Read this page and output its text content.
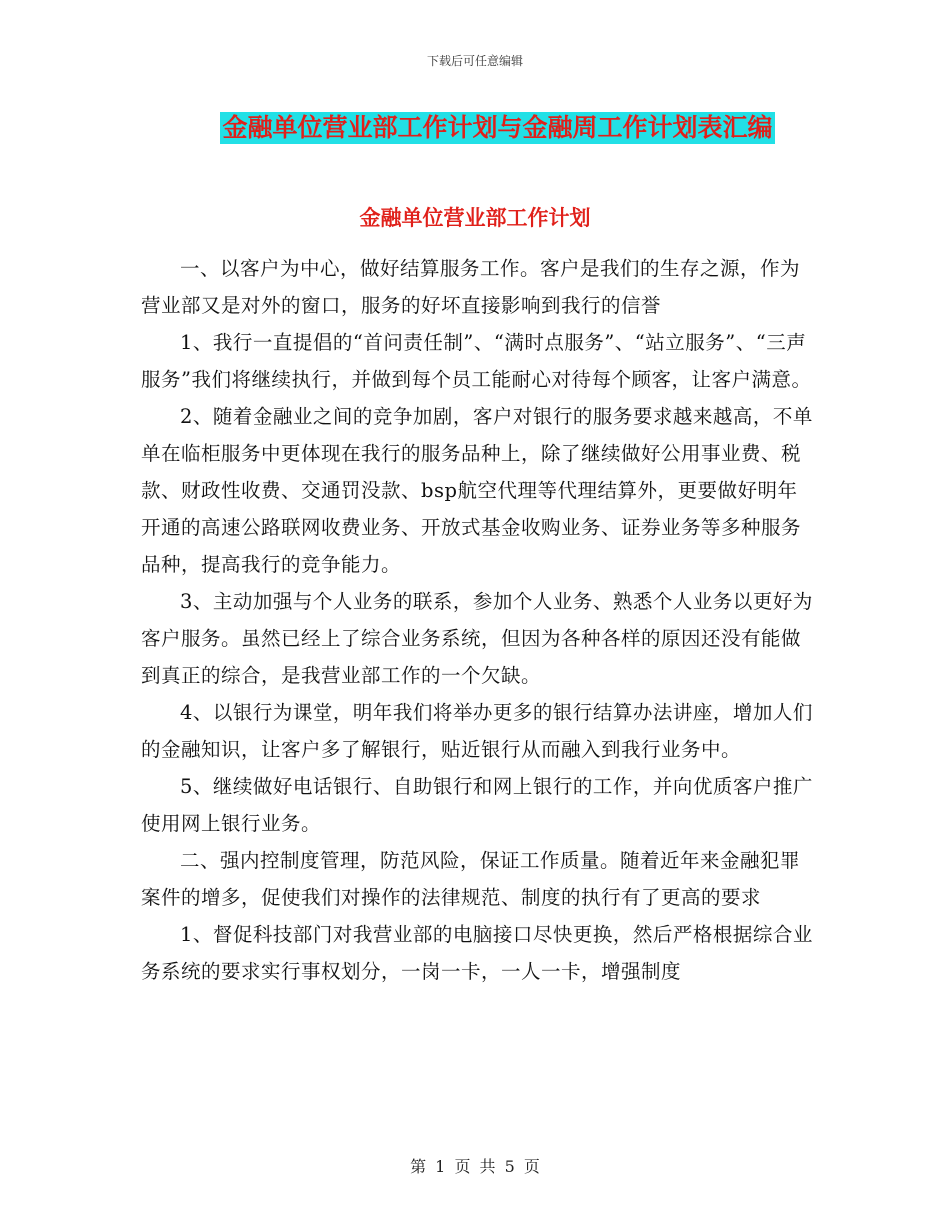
下载后可任意编辑
金融单位营业部工作计划与金融周工作计划表汇编
金融单位营业部工作计划

一、以客户为中心，做好结算服务工作。客户是我们的生存之源，作为营业部又是对外的窗口，服务的好坏直接影响到我行的信誉

1、我行一直提倡的“首问责任制”、“满时点服务”、“站立服务”、“三声服务”我们将继续执行，并做到每个员工能耐心对待每个顾客，让客户满意。

2、随着金融业之间的竞争加剧，客户对银行的服务要求越来越高，不单单在临柜服务中更体现在我行的服务品种上，除了继续做好公用事业费、税款、财政性收费、交通罚没款、bsp航空代理等代理结算外，更要做好明年开通的高速公路联网收费业务、开放式基金收购业务、证券业务等多种服务品种，提高我行的竞争能力。

3、主动加强与个人业务的联系，参加个人业务、熟悉个人业务以更好为客户服务。虽然已经上了综合业务系统，但因为各种各样的原因还没有能做到真正的综合，是我营业部工作的一个欠缺。

4、以银行为课堂，明年我们将举办更多的银行结算办法讲座，增加人们的金融知识，让客户多了解银行，贴近银行从而融入到我行业务中。

5、继续做好电话银行、自助银行和网上银行的工作，并向优质客户推广使用网上银行业务。

二、强内控制度管理，防范风险，保证工作质量。随着近年来金融犯罪案件的增多，促使我们对操作的法律规范、制度的执行有了更高的要求

1、督促科技部门对我营业部的电脑接口尽快更换，然后严格根据综合业务系统的要求实行事权划分，一岗一卡，一人一卡，增强制度

第 1 页 共 5 页
